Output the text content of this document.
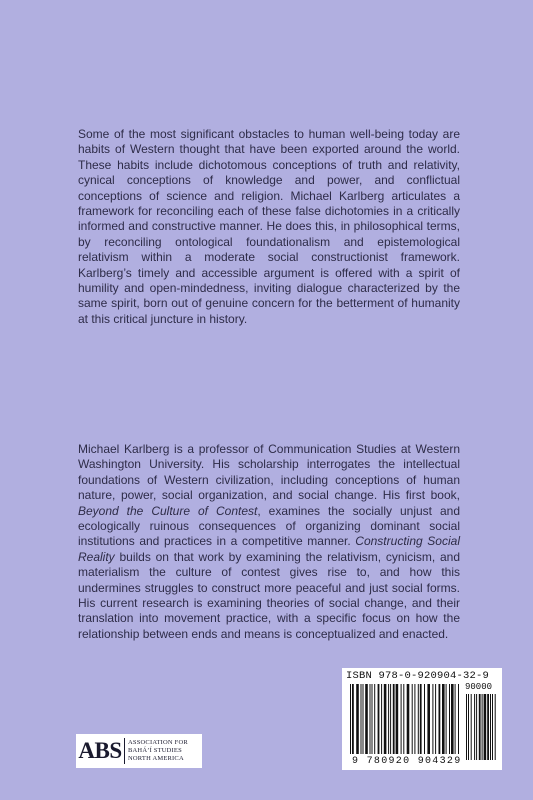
Some of the most significant obstacles to human well-being today are habits of Western thought that have been exported around the world. These habits include dichotomous conceptions of truth and relativity, cynical conceptions of knowledge and power, and conflictual conceptions of science and religion. Michael Karlberg articulates a framework for reconciling each of these false dichotomies in a critically informed and constructive manner. He does this, in philosophical terms, by reconciling ontological foundationalism and epistemological relativism within a moderate social constructionist framework. Karlberg’s timely and accessible argument is offered with a spirit of humility and open-mindedness, inviting dialogue characterized by the same spirit, born out of genuine concern for the betterment of humanity at this critical juncture in history.

Michael Karlberg is a professor of Communication Studies at Western Washington University. His scholarship interrogates the intellectual foundations of Western civilization, including conceptions of human nature, power, social organization, and social change. His first book, Beyond the Culture of Contest, examines the socially unjust and ecologically ruinous consequences of organizing dominant social institutions and practices in a competitive manner. Constructing Social Reality builds on that work by examining the relativism, cynicism, and materialism the culture of contest gives rise to, and how this undermines struggles to construct more peaceful and just social forms. His current research is examining theories of social change, and their translation into movement practice, with a specific focus on how the relationship between ends and means is conceptualized and enacted.

ABS ASSOCIATION FOR
BAHÁ’Í STUDIES
NORTH AMERICA
ISBN 978-0-920904-32-9
90000
9 780920 904329
